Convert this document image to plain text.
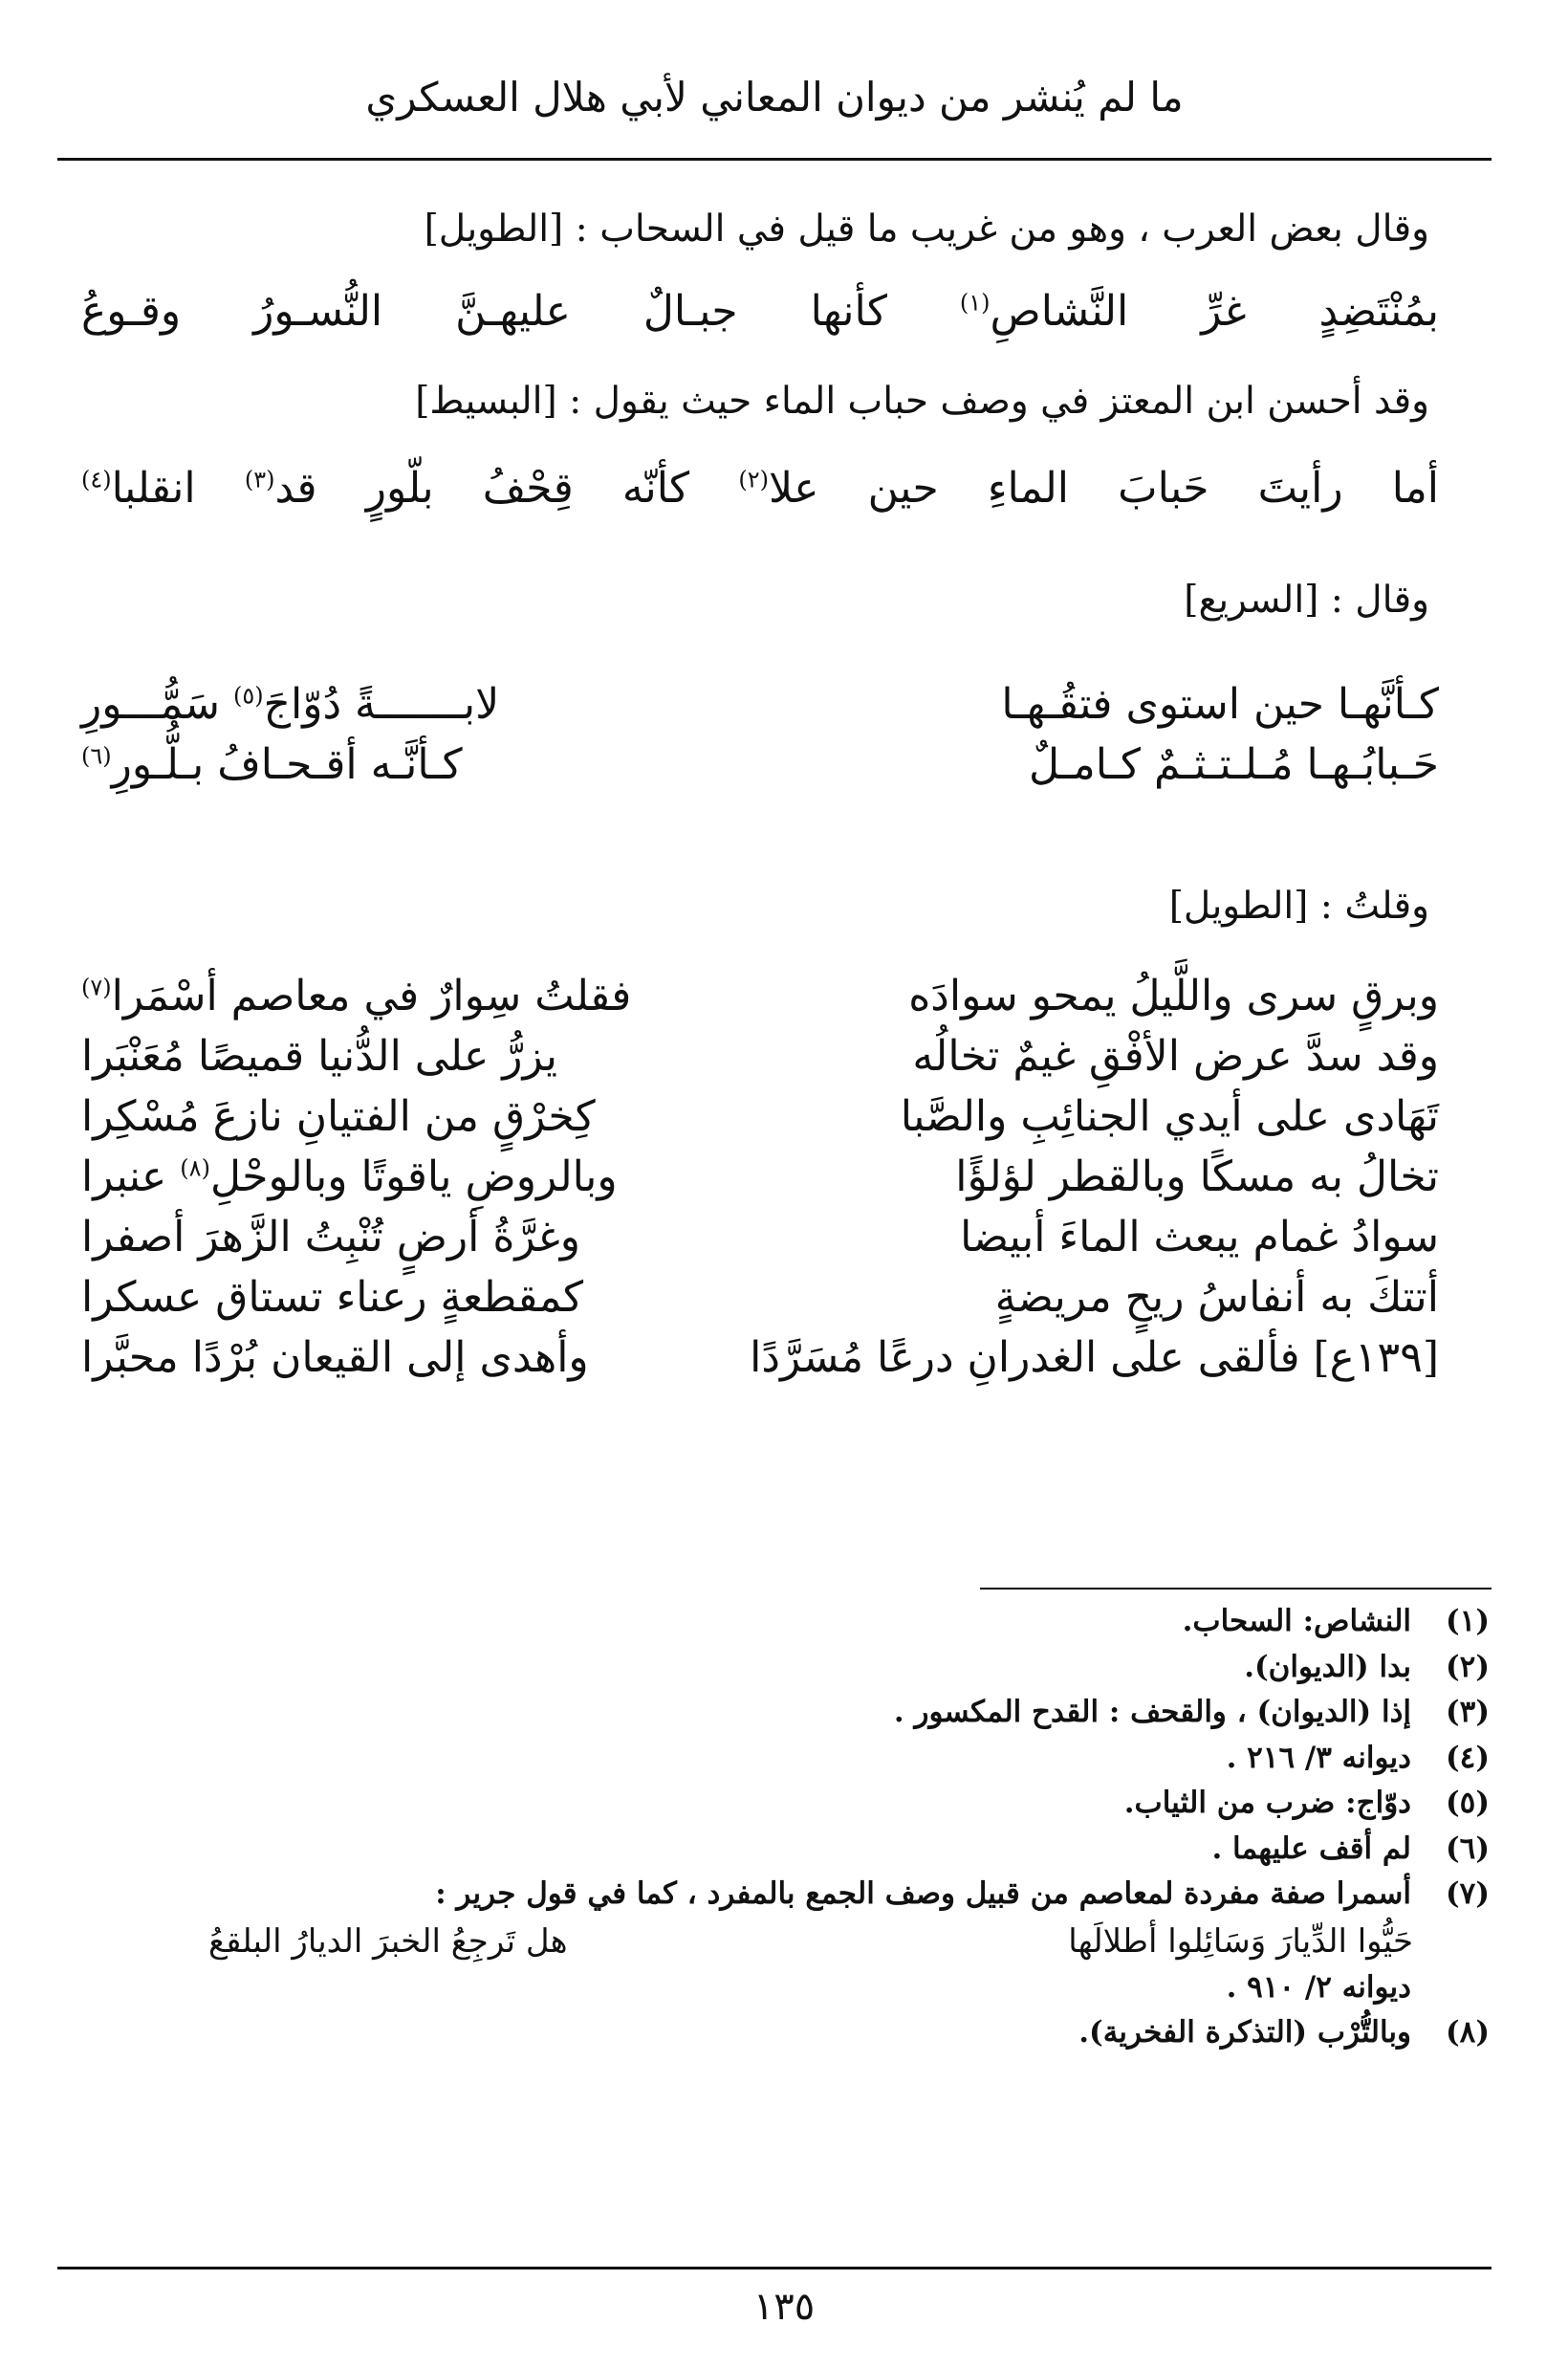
ما لم يُنشر من ديوان المعاني لأبي هلال العسكري
وقال بعض العرب ، وهو من غريب ما قيل في السحاب : [الطويل]
بمُنْتَضِدٍ غرِّ النَّشاصِ$^{(١)}$ كأنها جبـالٌ عليهـنَّ النُّسـورُ وقـوعُ
وقد أحسن ابن المعتز في وصف حباب الماء حيث يقول : [البسيط]
أما رأيتَ حَبابَ الماءِ حين علا$^{(٢)}$ كأنّه قِحْفُ بلّورٍ قد$^{(٣)}$ انقلبا$^{(٤)}$
وقال : [السريع]
كـأنَّهـا حين استوى فتقُـهـا
حَـبابُـهـا مُـلـتـثـمٌ كـامـلٌ
لابـــــــةً دُوّاجَ$^{(٥)}$ سَمُّـــورِ
كـأنَّـه أقـحـافُ بـلُّـورِ$^{(٦)}$
وقلتُ : [الطويل]
وبرقٍ سرى واللَّيلُ يمحو سوادَه
وقد سدَّ عرض الأفْقِ غيمٌ تخالُه
تَهَادى على أيدي الجنائِبِ والصَّبا
تخالُ به مسكًا وبالقطر لؤلؤًا
سوادُ غمام يبعث الماءَ أبيضا
أتتكَ به أنفاسُ ريحٍ مريضةٍ
[١٣٩ع] فألقى على الغدرانِ درعًا مُسَرَّدًا
فقلتُ سِوارٌ في معاصم أسْمَرا$^{(٧)}$
يزرُّ على الدُّنيا قميصًا مُعَنْبَرا
كِخرْقٍ من الفتيانِ نازعَ مُسْكِرا
وبالروضِ ياقوتًا وبالوحْلِ$^{(٨)}$ عنبرا
وغرَّةُ أرضٍ تُنْبِتُ الزَّهرَ أصفرا
كمقطعةٍ رعناء تستاق عسكرا
وأهدى إلى القيعان بُرْدًا محبَّرا
(١)
النشاص: السحاب.
(٢)
بدا (الديوان).
(٣)
إذا (الديوان) ، والقحف : القدح المكسور .
(٤)
ديوانه ٣/ ٢١٦ .
(٥)
دوّاج: ضرب من الثياب.
(٦)
لم أقف عليهما .
(٧)
أسمرا صفة مفردة لمعاصم من قبيل وصف الجمع بالمفرد ، كما في قول جرير :
حَيُّوا الدِّيارَ وَسَائِلوا أطلالَها
هل تَرجِعُ الخبرَ الديارُ البلقعُ
ديوانه ٢/ ٩١٠ .
(٨)
وبالتُّرْب (التذكرة الفخرية).
١٣٥
